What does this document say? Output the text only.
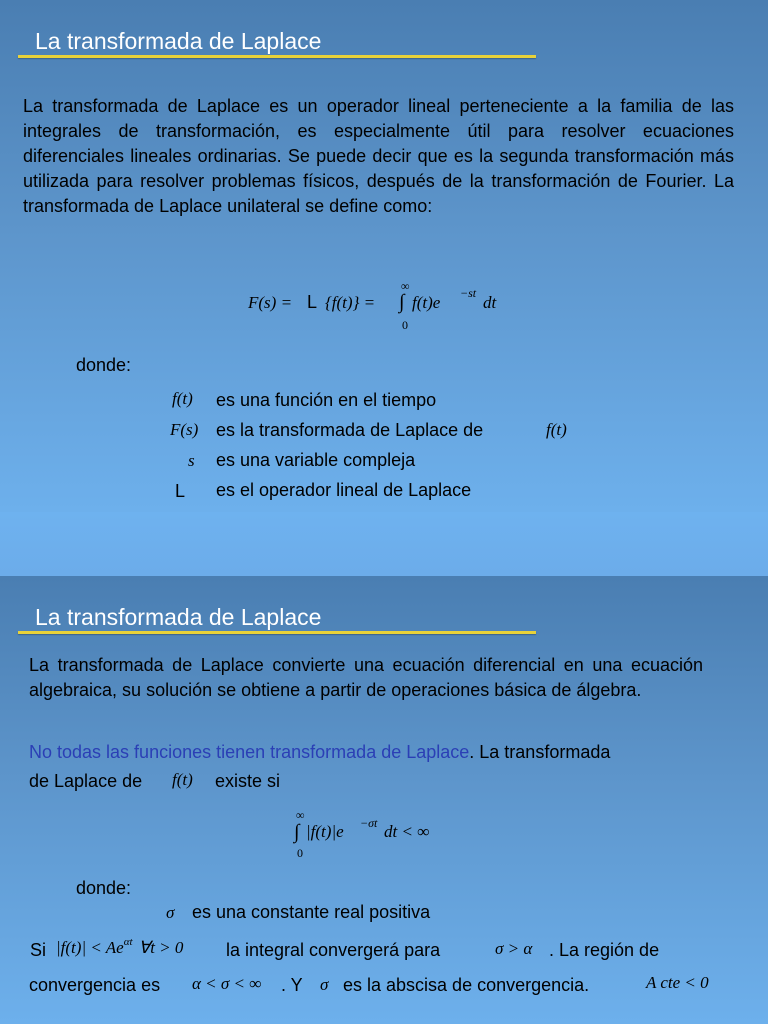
La transformada de Laplace
La transformada de Laplace es un operador lineal perteneciente a la familia de las integrales de transformación, es especialmente útil para resolver ecuaciones diferenciales lineales ordinarias. Se puede decir que es la segunda transformación más utilizada para resolver problemas físicos, después de la transformación de Fourier. La transformada de Laplace unilateral se define como:
F(s) = L {f(t)} =
∞
∫
0
f(t)e −st dt
donde:
f(t) es una función en el tiempo
F(s) es la transformada de Laplace de	f(t)
s es una variable compleja
L es el operador lineal de Laplace
La transformada de Laplace
La transformada de Laplace convierte una ecuación diferencial en una ecuación algebraica, su solución se obtiene a partir de operaciones básica de álgebra.
No todas las funciones tienen transformada de Laplace. La transformada
de Laplace de f(t) existe si
∞
∫
0
|f(t)|e −σt dt < ∞
donde:
σ es una constante real positiva
Si $|f(t)| < Ae^{\alpha t}$ ∀t > 0 la integral convergerá para	σ > α . La región de
convergencia es α < σ < ∞ . Y σ es la abscisa de convergencia.	A cte < 0
